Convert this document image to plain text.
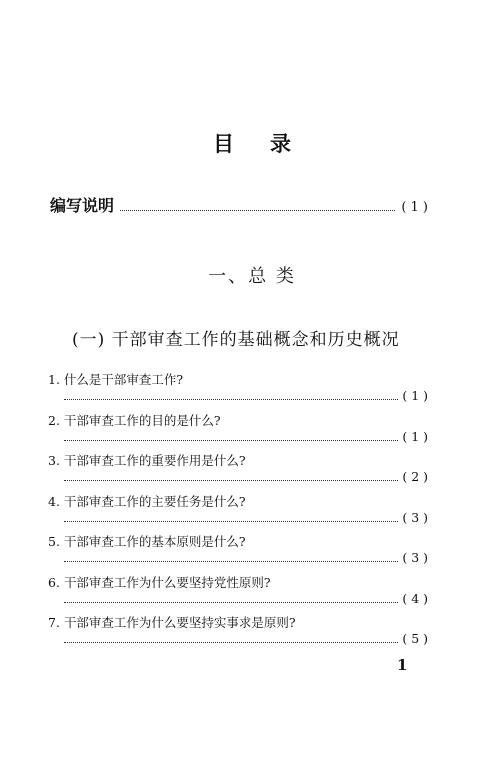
目 录
编写说明	( 1 )
一、总 类
(一) 干部审查工作的基础概念和历史概况
1. 什么是干部审查工作?
( 1 )
2. 干部审查工作的目的是什么?
( 1 )
3. 干部审查工作的重要作用是什么?
( 2 )
4. 干部审查工作的主要任务是什么?
( 3 )
5. 干部审查工作的基本原则是什么?
( 3 )
6. 干部审查工作为什么要坚持党性原则?
( 4 )
7. 干部审查工作为什么要坚持实事求是原则?
( 5 )
1
